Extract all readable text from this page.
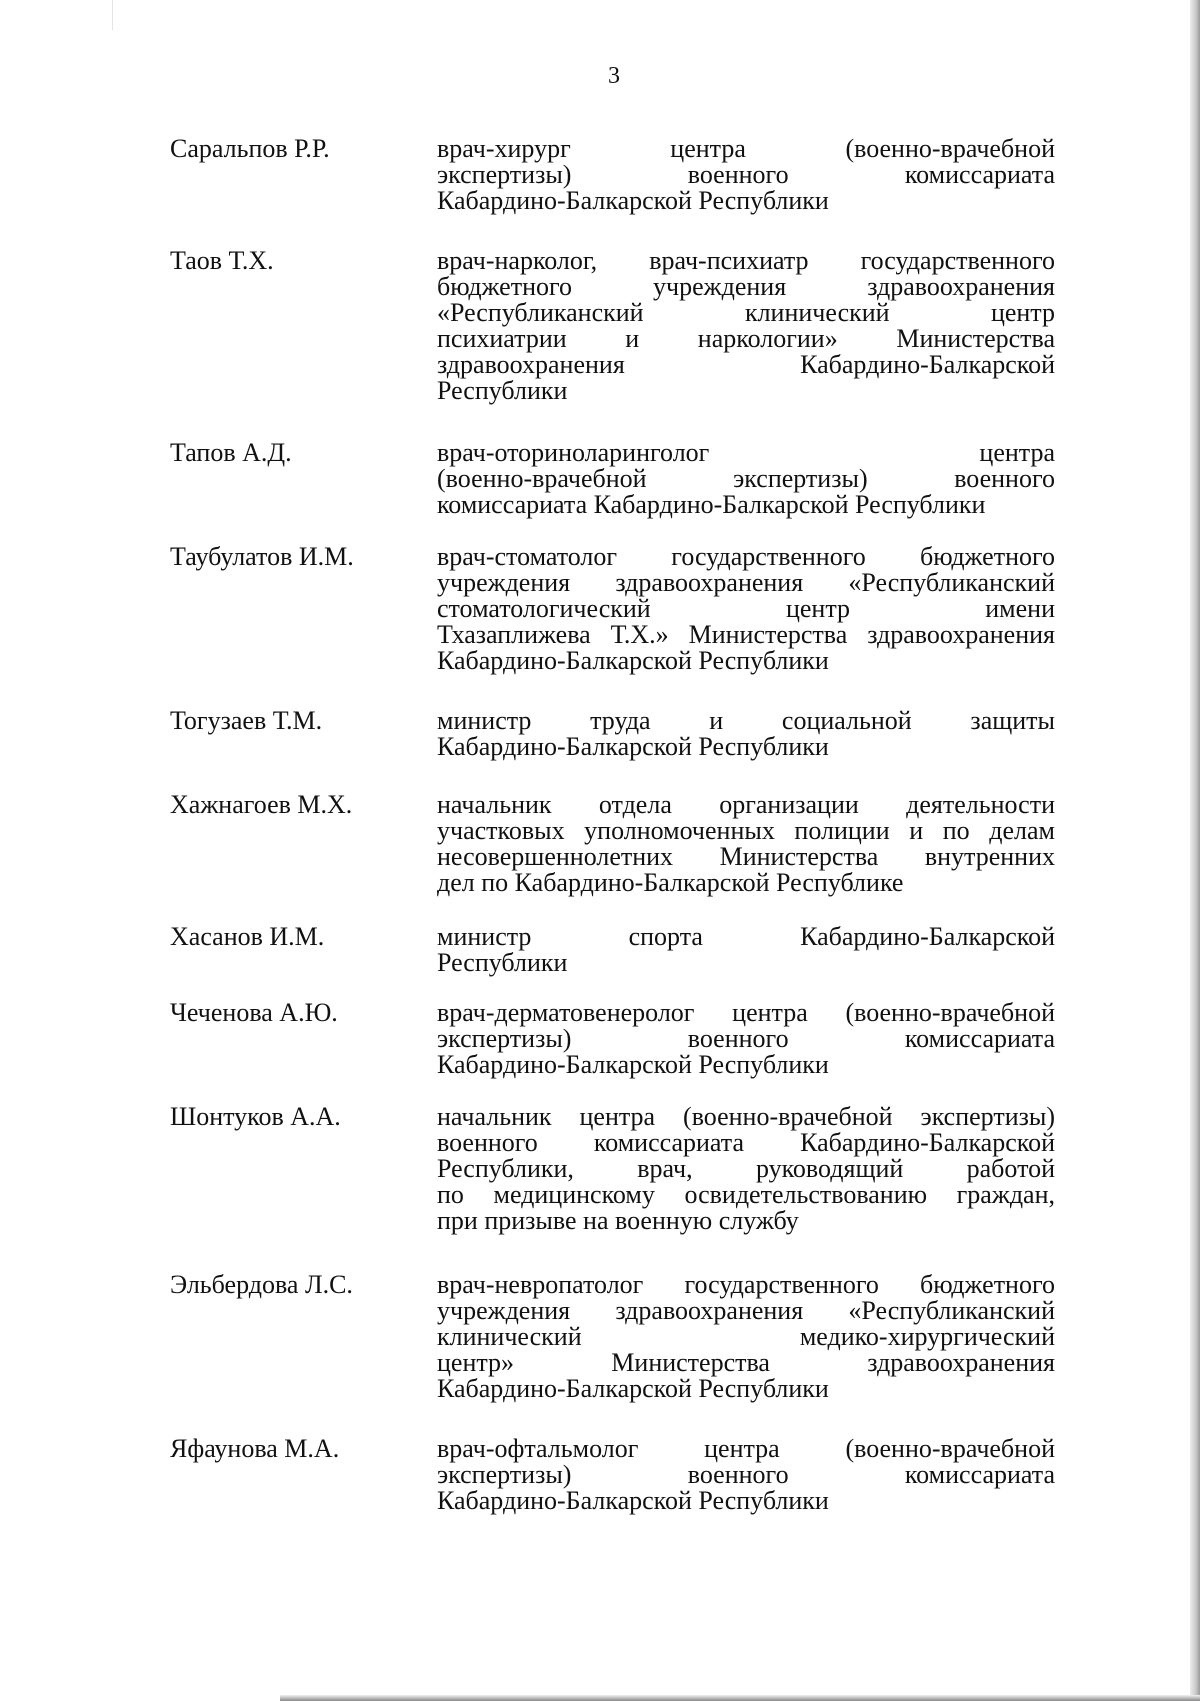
3
Саральпов Р.Р.	врач-хирург центра (военно-врачебной
экспертизы) военного комиссариата
Кабардино-Балкарской Республики
Таов Т.Х.	врач-нарколог, врач-психиатр государственного
бюджетного учреждения здравоохранения
«Республиканский клинический центр
психиатрии и наркологии» Министерства
здравоохранения Кабардино-Балкарской
Республики
Тапов А.Д.	врач-оториноларинголог центра
(военно-врачебной экспертизы) военного
комиссариата Кабардино-Балкарской Республики
Таубулатов И.М.	врач-стоматолог государственного бюджетного
учреждения здравоохранения «Республиканский
стоматологический центр имени
Тхазаплижева Т.Х.» Министерства здравоохранения
Кабардино-Балкарской Республики
Тогузаев Т.М.	министр труда и социальной защиты
Кабардино-Балкарской Республики
Хажнагоев М.Х.	начальник отдела организации деятельности
участковых уполномоченных полиции и по делам
несовершеннолетних Министерства внутренних
дел по Кабардино-Балкарской Республике
Хасанов И.М.	министр спорта Кабардино-Балкарской
Республики
Чеченова А.Ю.	врач-дерматовенеролог центра (военно-врачебной
экспертизы) военного комиссариата
Кабардино-Балкарской Республики
Шонтуков А.А.	начальник центра (военно-врачебной экспертизы)
военного комиссариата Кабардино-Балкарской
Республики, врач, руководящий работой
по медицинскому освидетельствованию граждан,
при призыве на военную службу
Эльбердова Л.С.	врач-невропатолог государственного бюджетного
учреждения здравоохранения «Республиканский
клинический медико-хирургический
центр» Министерства здравоохранения
Кабардино-Балкарской Республики
Яфаунова М.А.	врач-офтальмолог центра (военно-врачебной
экспертизы) военного комиссариата
Кабардино-Балкарской Республики
